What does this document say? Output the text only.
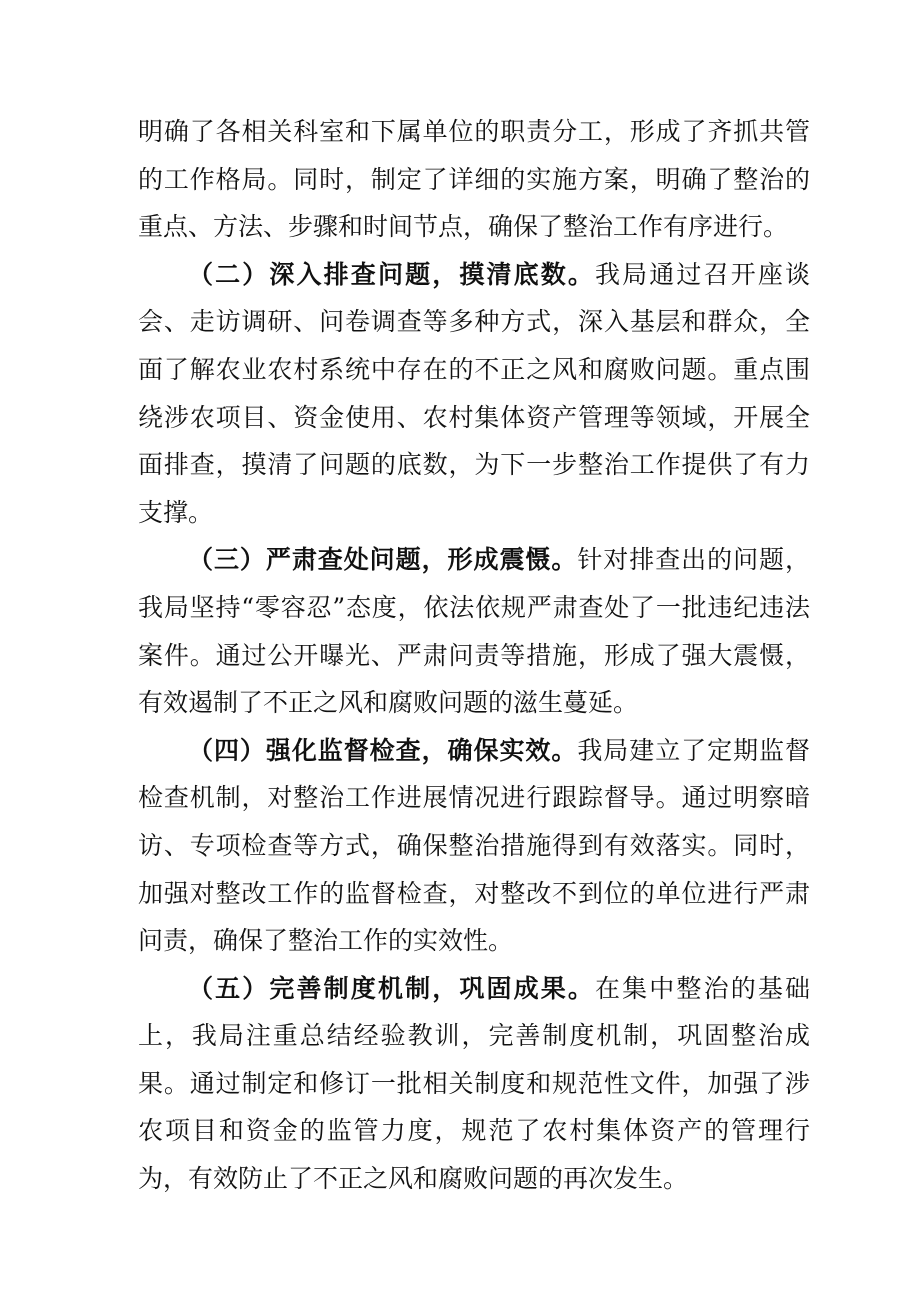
明确了各相关科室和下属单位的职责分工，形成了齐抓共管的工作格局。同时，制定了详细的实施方案，明确了整治的重点、方法、步骤和时间节点，确保了整治工作有序进行。

（二）深入排查问题，摸清底数。我局通过召开座谈会、走访调研、问卷调查等多种方式，深入基层和群众，全面了解农业农村系统中存在的不正之风和腐败问题。重点围绕涉农项目、资金使用、农村集体资产管理等领域，开展全面排查，摸清了问题的底数，为下一步整治工作提供了有力支撑。

（三）严肃查处问题，形成震慑。针对排查出的问题，我局坚持“零容忍”态度，依法依规严肃查处了一批违纪违法案件。通过公开曝光、严肃问责等措施，形成了强大震慑，有效遏制了不正之风和腐败问题的滋生蔓延。

（四）强化监督检查，确保实效。我局建立了定期监督检查机制，对整治工作进展情况进行跟踪督导。通过明察暗访、专项检查等方式，确保整治措施得到有效落实。同时，加强对整改工作的监督检查，对整改不到位的单位进行严肃问责，确保了整治工作的实效性。

（五）完善制度机制，巩固成果。在集中整治的基础上，我局注重总结经验教训，完善制度机制，巩固整治成果。通过制定和修订一批相关制度和规范性文件，加强了涉农项目和资金的监管力度，规范了农村集体资产的管理行为，有效防止了不正之风和腐败问题的再次发生。
